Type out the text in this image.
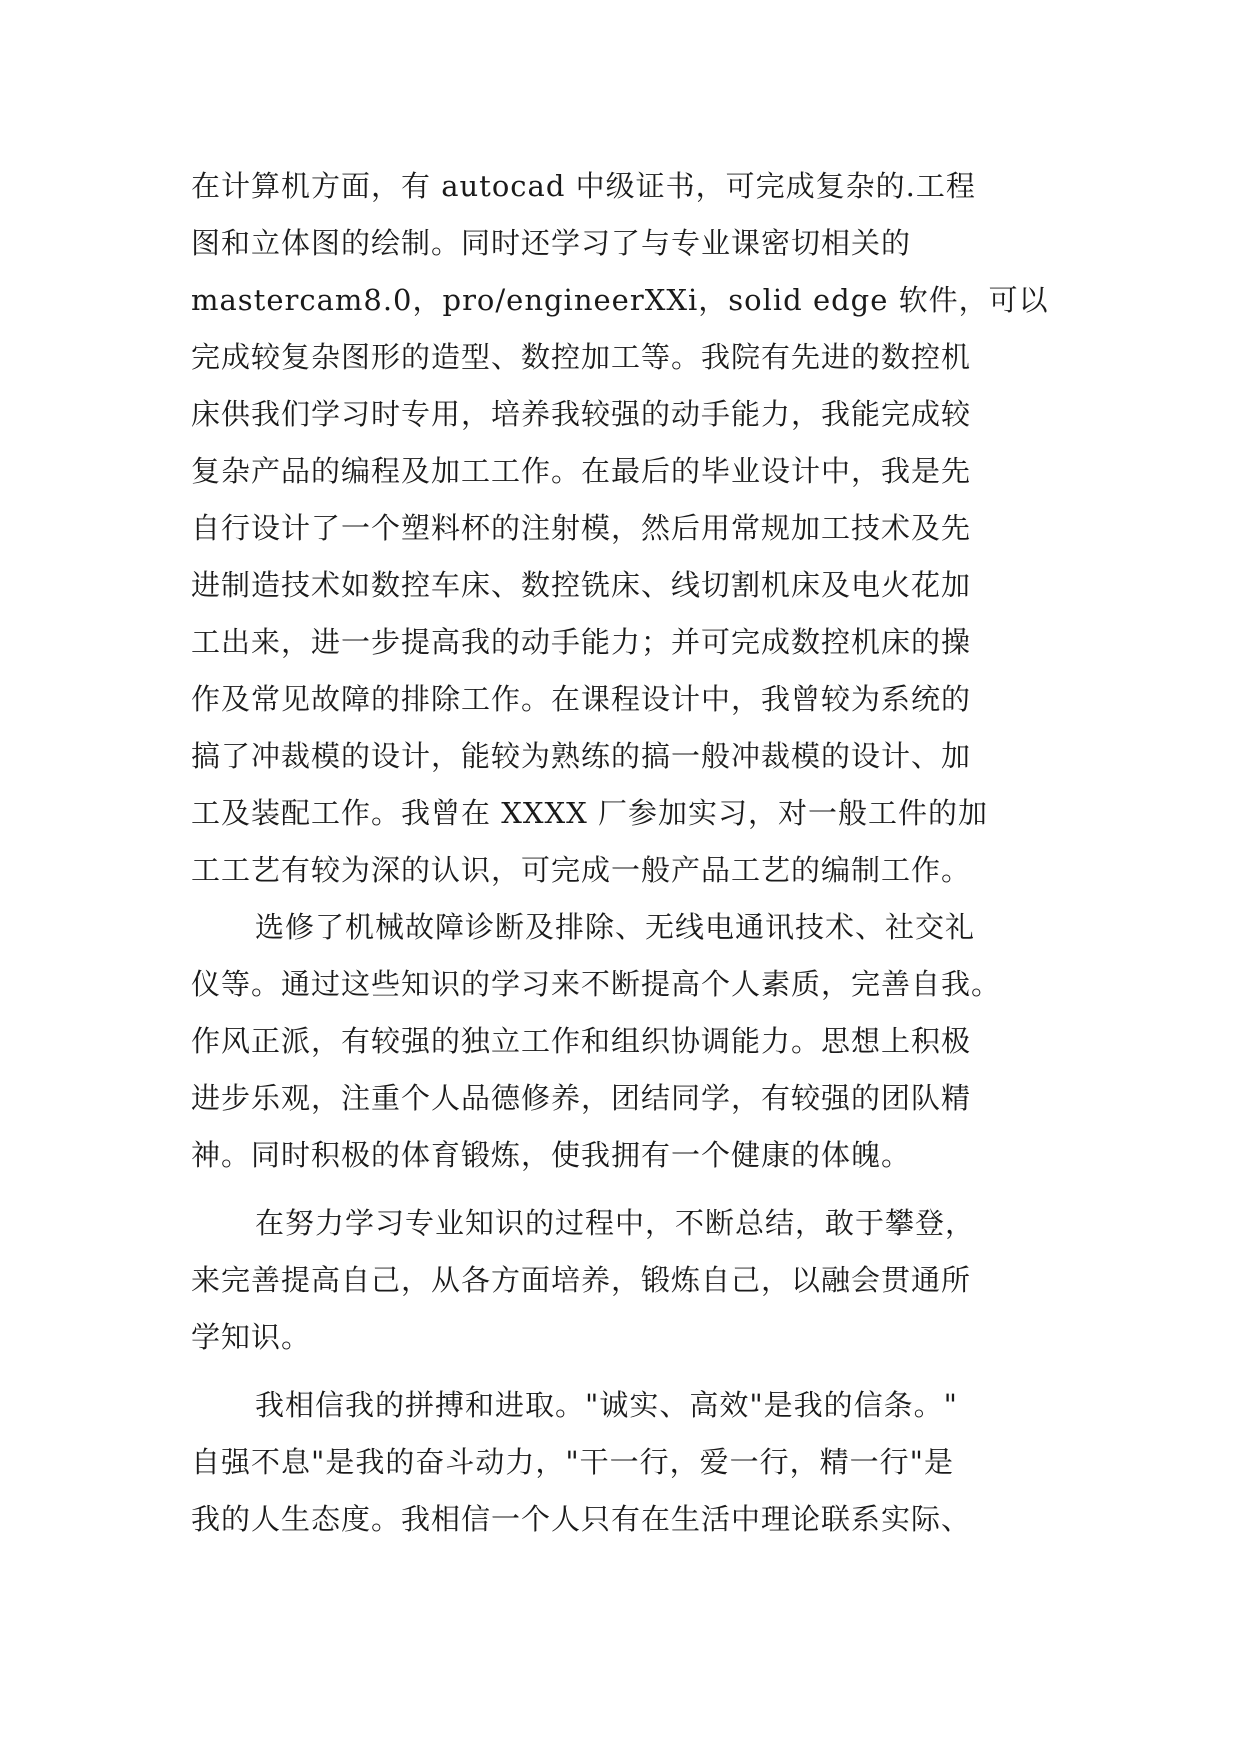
在计算机方面，有 autocad 中级证书，可完成复杂的.工程
图和立体图的绘制。同时还学习了与专业课密切相关的
mastercam8.0，pro/engineerXXi，solid edge 软件，可以
完成较复杂图形的造型、数控加工等。我院有先进的数控机
床供我们学习时专用，培养我较强的动手能力，我能完成较
复杂产品的编程及加工工作。在最后的毕业设计中，我是先
自行设计了一个塑料杯的注射模，然后用常规加工技术及先
进制造技术如数控车床、数控铣床、线切割机床及电火花加
工出来，进一步提高我的动手能力；并可完成数控机床的操
作及常见故障的排除工作。在课程设计中，我曾较为系统的
搞了冲裁模的设计，能较为熟练的搞一般冲裁模的设计、加
工及装配工作。我曾在 XXXX 厂参加实习，对一般工件的加
工工艺有较为深的认识，可完成一般产品工艺的编制工作。
选修了机械故障诊断及排除、无线电通讯技术、社交礼
仪等。通过这些知识的学习来不断提高个人素质，完善自我。
作风正派，有较强的独立工作和组织协调能力。思想上积极
进步乐观，注重个人品德修养，团结同学，有较强的团队精
神。同时积极的体育锻炼，使我拥有一个健康的体魄。
在努力学习专业知识的过程中，不断总结，敢于攀登，
来完善提高自己，从各方面培养，锻炼自己，以融会贯通所
学知识。
我相信我的拼搏和进取。"诚实、高效"是我的信条。"
自强不息"是我的奋斗动力，"干一行，爱一行，精一行"是
我的人生态度。我相信一个人只有在生活中理论联系实际、
